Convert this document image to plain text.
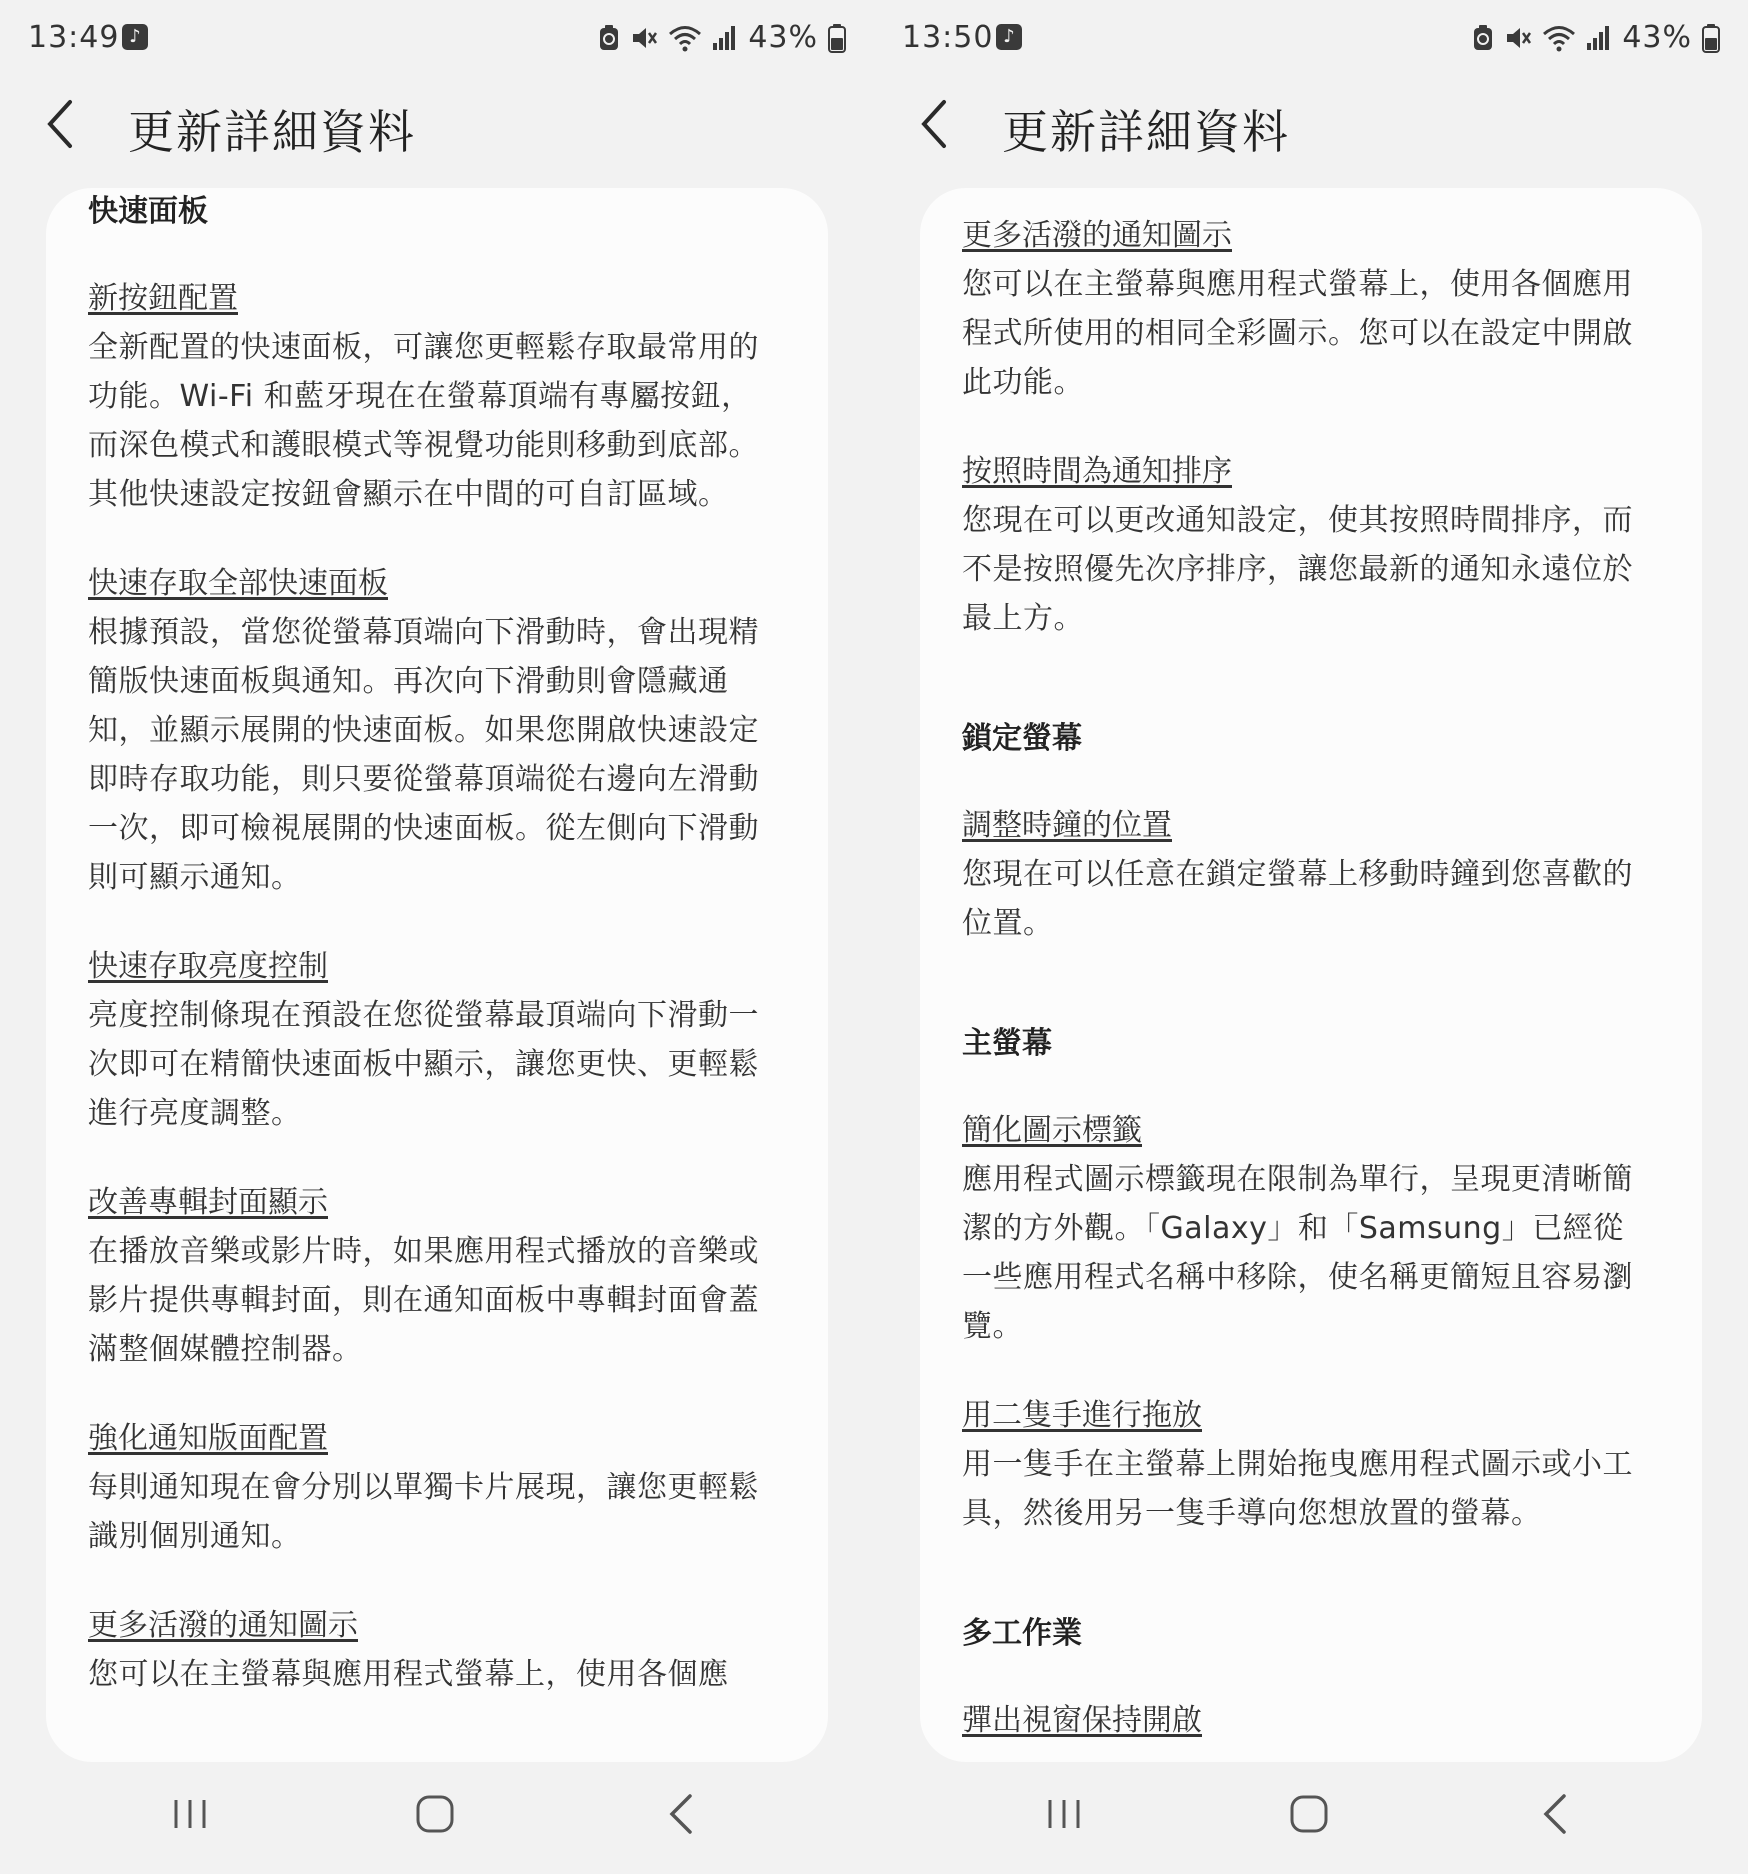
13:49 ♪	43%
更新詳細資料
快速面板
新按鈕配置
全新配置的快速面板，可讓您更輕鬆存取最常用的功能。Wi-Fi 和藍牙現在在螢幕頂端有專屬按鈕，而深色模式和護眼模式等視覺功能則移動到底部。其他快速設定按鈕會顯示在中間的可自訂區域。
快速存取全部快速面板
根據預設，當您從螢幕頂端向下滑動時，會出現精簡版快速面板與通知。再次向下滑動則會隱藏通知，並顯示展開的快速面板。如果您開啟快速設定即時存取功能，則只要從螢幕頂端從右邊向左滑動一次，即可檢視展開的快速面板。從左側向下滑動則可顯示通知。
快速存取亮度控制
亮度控制條現在預設在您從螢幕最頂端向下滑動一次即可在精簡快速面板中顯示，讓您更快、更輕鬆進行亮度調整。
改善專輯封面顯示
在播放音樂或影片時，如果應用程式播放的音樂或影片提供專輯封面，則在通知面板中專輯封面會蓋滿整個媒體控制器。
強化通知版面配置
每則通知現在會分別以單獨卡片展現，讓您更輕鬆識別個別通知。
更多活潑的通知圖示
您可以在主螢幕與應用程式螢幕上，使用各個應
13:50 ♪	43%
更新詳細資料
更多活潑的通知圖示
您可以在主螢幕與應用程式螢幕上，使用各個應用程式所使用的相同全彩圖示。您可以在設定中開啟此功能。
按照時間為通知排序
您現在可以更改通知設定，使其按照時間排序，而不是按照優先次序排序，讓您最新的通知永遠位於最上方。
鎖定螢幕
調整時鐘的位置
您現在可以任意在鎖定螢幕上移動時鐘到您喜歡的位置。
主螢幕
簡化圖示標籤
應用程式圖示標籤現在限制為單行，呈現更清晰簡潔的方外觀。「Galaxy」和「Samsung」已經從一些應用程式名稱中移除，使名稱更簡短且容易瀏覽。
用二隻手進行拖放
用一隻手在主螢幕上開始拖曳應用程式圖示或小工具，然後用另一隻手導向您想放置的螢幕。
多工作業
彈出視窗保持開啟
